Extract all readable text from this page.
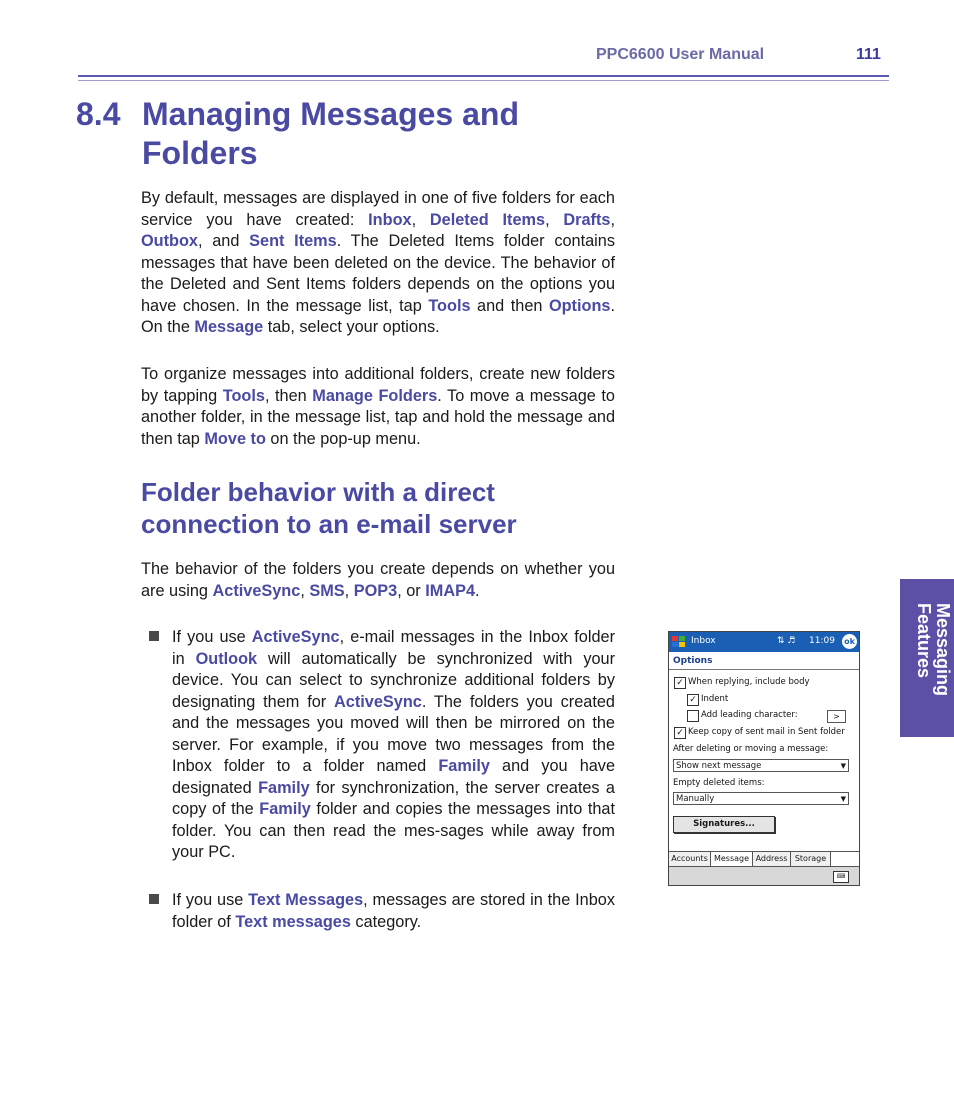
PPC6600 User Manual	111
8.4 Managing Messages and
Folders
By default, messages are displayed in one of five folders for each service you have created: Inbox, Deleted Items, Drafts, Outbox, and Sent Items. The Deleted Items folder contains messages that have been deleted on the device. The behavior of the Deleted and Sent Items folders depends on the options you have chosen. In the message list, tap Tools and then Options. On the Message tab, select your options.
To organize messages into additional folders, create new folders by tapping Tools, then Manage Folders. To move a message to another folder, in the message list, tap and hold the message and then tap Move to on the pop-up menu.
Folder behavior with a direct
connection to an e-mail server
The behavior of the folders you create depends on whether you are using ActiveSync, SMS, POP3, or IMAP4.
If you use ActiveSync, e-mail messages in the Inbox folder in Outlook will automatically be synchronized with your device. You can select to synchronize additional folders by designating them for ActiveSync. The folders you created and the messages you moved will then be mirrored on the server. For example, if you move two messages from the Inbox folder to a folder named Family and you have designated Family for synchronization, the server creates a copy of the Family folder and copies the messages into that folder. You can then read the mes-sages while away from your PC.
If you use Text Messages, messages are stored in the Inbox folder of Text messages category.
Messaging
Features
Inbox	⇅ ♬ 11:09 ok
Options
✓ When replying, include body
✓ Indent
Add leading character:	>
✓ Keep copy of sent mail in Sent folder
After deleting or moving a message:
Show next message	▼
Empty deleted items:
Manually	▼
Signatures...
Accounts Message Address Storage
⌨
